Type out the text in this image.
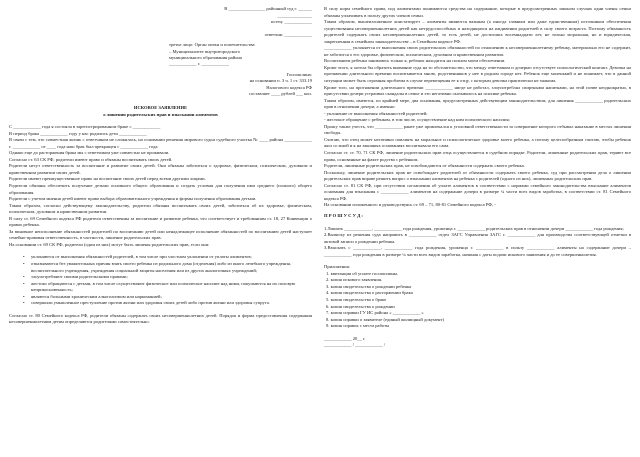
В ________________ районный суд г. ______
_______________
истец: ____________
ответчик: ____________
третье лицо: Орган опеки и попечительства
– Муниципалитет внутригородского
муниципального образования района
____________ г. ____________
Госпошлина:
на основании п. 3 ч. 1 ст. 333.19
Налогового кодекса РФ
составляет ____ рублей ___ коп.
ИСКОВОЕ ЗАЯВЛЕНИЕ
о лишении родительских прав и взыскании алиментов

С ____________ года я состояла в зарегистрированном браке с ____________

В период брака ____________ году у нас родились дети ____________

В связи с тем, что совместная жизнь с ответчиком не сложилась, на основании решения мирового судьи судебного участка № ____ района ____________ г. ____________ от ____ года наш брак был прекращен с ____________ года.

Однако еще до расторжения брака мы с ответчиком уже совместно не проживали.

Согласно ст. 63 СК РФ, родители имеют право и обязаны воспитывать своих детей.

Родители несут ответственность за воспитание и развитие своих детей. Они обязаны заботиться о здоровье, физическом, психическом, духовном и нравственном развитии своих детей.

Родители имеют преимущественное право на воспитание своих детей перед всеми другими лицами.

Родители обязаны обеспечить получение детьми основного общего образования и создать условия для получения ими среднего (полного) общего образования.

Родители с учетом мнения детей имеют право выбора образовательного учреждения и формы получения образования детьми.

Таким образом, согласно действующему законодательству, родители обязаны воспитывать своих детей, заботиться об их здоровье, физическом, психическом, духовном и нравственном развитии.

В силу ст. 69 Семейного кодекса РФ родители ответственны за воспитание и развитие ребенка, что соответствует и требованиям ст. 18, 27 Конвенции о правах ребенка.

За виновное неисполнение обязанностей родителей по воспитанию детей или ненадлежащее исполнение обязанностей по воспитанию детей наступает семейно-правовая ответственность, в частности, лишение родительских прав.

На основании ст. 69 СК РФ, родители (один из них) могут быть лишены родительских прав, если они:

• уклоняются от выполнения обязанностей родителей, в том числе при злостном уклонении от уплаты алиментов;
• отказываются без уважительных причин взять своего ребенка из родильного дома (отделения) либо из иного лечебного учреждения, воспитательного учреждения, учреждения социальной защиты населения или из других аналогичных учреждений;
• злоупотребляют своими родительскими правами;
• жестоко обращаются с детьми, в том числе осуществляют физическое или психическое насилие над ними, покушаются на их половую неприкосновенность;
• являются больными хроническим алкоголизмом или наркоманией;
• совершили умышленное преступление против жизни или здоровья своих детей либо против жизни или здоровья супруга.

Согласно ст. 80 Семейного кодекса РФ, родители обязаны содержать своих несовершеннолетних детей. Порядок и форма предоставления содержания несовершеннолетним детям определяются родителями самостоятельно.

В силу норм семейного права, под алиментами понимаются средства на содержание, которые в предусмотренных законом случаях одни члены семьи обязаны уплачивать в пользу других членов семьи.

Таким образом, вышеизложенное констатирует – алименты являются важным (а иногда главным или даже единственным) источником обеспечения существования несовершеннолетних детей как нетрудоспособных и находящихся на иждивении родителей в силу своего возраста. Поэтому обязанность родителей содержать своих несовершеннолетних детей, то есть детей, не достигших восемнадцати лет, не только моральная, но и юридическая, закрепленная в семейном законодательстве – в Семейном кодексе РФ.

____________ уклоняется от выполнения своих родительских обязанностей по отношению к несовершеннолетнему ребенку, материально его не содержит, не заботится о его здоровье, физическом, психическом, духовном и нравственном развитии.

Воспитанием ребенка занимаюсь только я, ребенок находится на полном моем обеспечении.

Кроме этого, я хотела бы обратить внимание суда на то обстоятельство, что между ответчиком и дочерью отсутствует психологический контакт. Девочка на протяжении длительного времени воспитывается мною, родственников у нее в родном городе нет. Ребенок еще маленький и не понимает, что в данной ситуации может быть огромная проблема в случае перемещения ее к отцу, с которым девочка практически не знакома.

Кроме того, на протяжении длительного времени ____________ нигде не работал, злоупотреблял спиртными напитками, на этой почве неоднократно, в присутствии дочери устраивал скандалы в семье и это негативно сказывалось на психике ребенка.

Таким образом, имеются, по крайней мере, два основания, предусмотренных действующим законодательством, для лишения ____________ родительских прав в отношении дочери, а именно:

- уклонение от выполнения обязанностей родителей;

- жестокое обращение с ребенком, в том числе, осуществление над ним психического насилия;

Прошу также учесть, что ____________ ранее уже привлекался к уголовной ответственности за совершение которого отбывал наказание в местах лишения свободы.

Считаю, что отец может негативно повлиять на моральное и психологическое здоровье моего ребенка, а потому целесообразным считаю, чтобы ребенок жил со мной и я на законных основаниях воспитывала его сама.

Согласно ст. ст. 70, 71 СК РФ, лишение родительских прав отца осуществляется в судебном порядке. Родители, лишенные родительских прав, теряют все права, основанные на факте родства с ребенком.

Родители, лишенные родительских прав, не освобождаются от обязанности содержать своего ребенка.

Поскольку, лишение родительских прав не освобождает родителей от обязанности содержать своего ребенка, суд при рассмотрении дела о лишении родительских прав вправе решить вопрос о взыскании алиментов на ребенка с родителей (одного из них), лишенных родительских прав.

Согласно ст. 81 СК РФ, при отсутствии соглашения об уплате алиментов в соответствии с нормами семейного законодательства взыскание алиментов основания для взыскания с ____________ алиментов на содержание дочери в размере ¼ части всех видов заработка, в соответствии ст. 81 Семейного кодекса РФ.

На основании изложенного и руководствуясь ст. 69 – 71, 80-81 Семейного кодекса РФ, -

П Р О Ш У С У Д :

1.Лишить ____________, ____________ года рождения, уроженца г. ____________ родительских прав в отношении дочери ____________ года рождения;

2.Выписку из решения суда направить в ____________ отдел ЗАГС Управления ЗАГС г. ____________ для производства соответствующей отметки в актовой записи о рождении ребенка.

3.Взыскать с ____________, ____________ года рождения, уроженца г. ____________ в пользу ____________ алименты на содержание дочери – ____________ года рождения в размере ¼ части всех видов заработка, начиная с даты подачи искового заявления и до ее совершеннолетия.

Приложения:
1. квитанция об уплате госпошлины.
2. копия искового заявления.
3. копия свидетельства о рождении ребенка
4. копия свидетельства о расторжении брака
5. копия свидетельства о браке
6. копия свидетельства о рождении
7. копия справки ГУ ИС района « ____________ »
8. копия справки о заявителе (единый жилищный документ)
9. копия справок с места работы
____________ 20__ г.
____________ / ____________ /
